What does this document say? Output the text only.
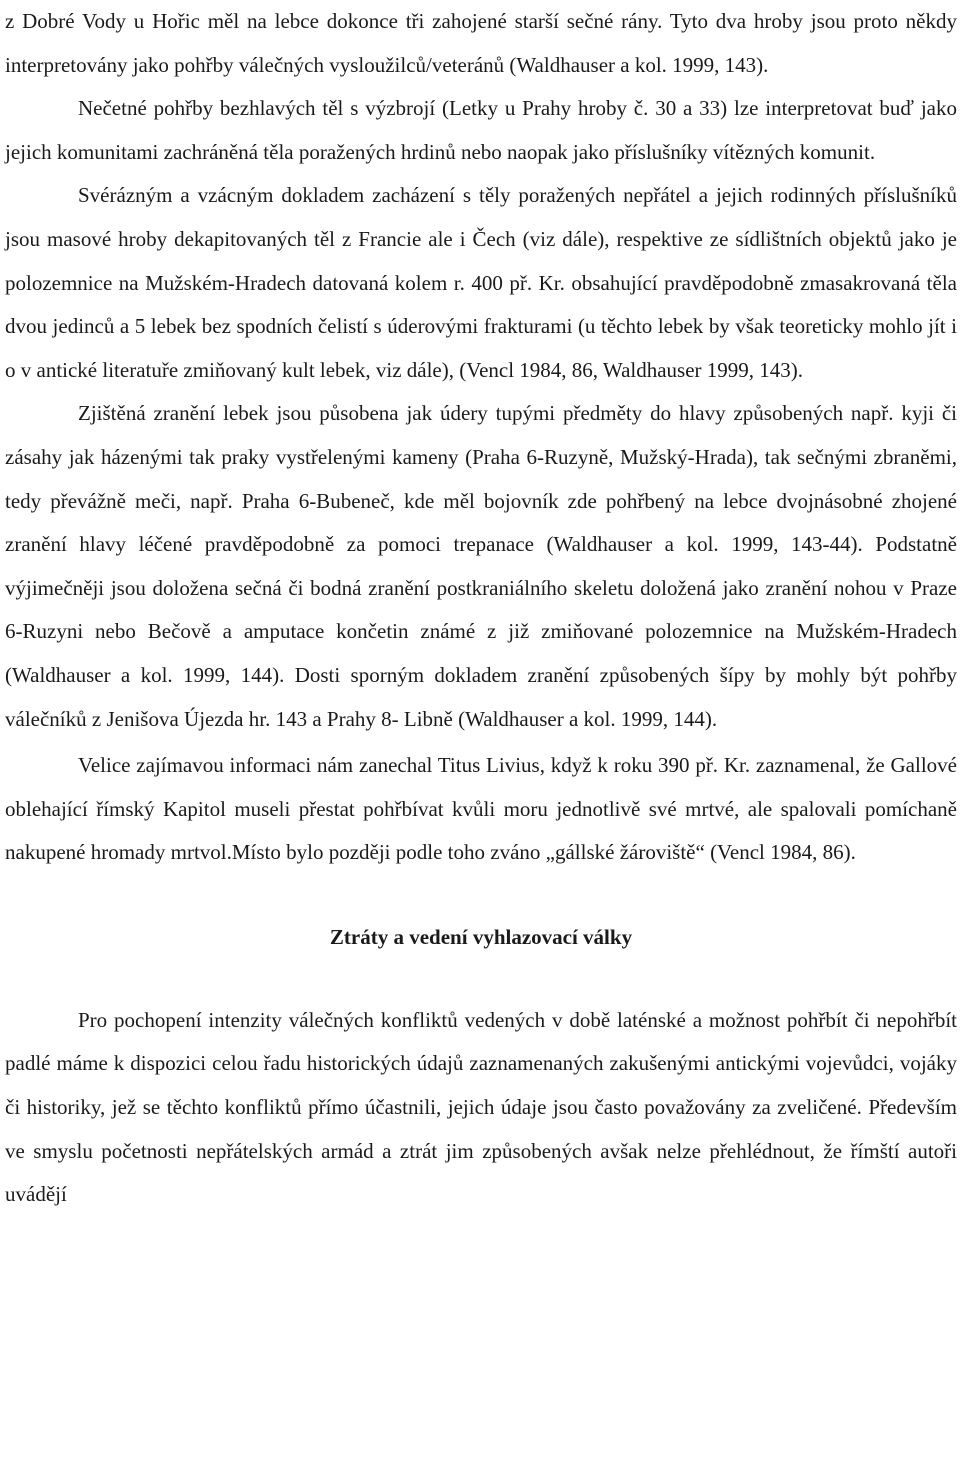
z Dobré Vody u Hořic měl na lebce dokonce tři zahojené starší sečné rány. Tyto dva hroby jsou proto někdy interpretovány jako pohřby válečných vysloužilců/veteránů (Waldhauser a kol. 1999, 143).

Nečetné pohřby bezhlavých těl s výzbrojí (Letky u Prahy hroby č. 30 a 33) lze interpretovat buď jako jejich komunitami zachráněná těla poražených hrdinů nebo naopak jako příslušníky vítězných komunit.

Svérázným a vzácným dokladem zacházení s těly poražených nepřátel a jejich rodinných příslušníků jsou masové hroby dekapitovaných těl z Francie ale i Čech (viz dále), respektive ze sídlištních objektů jako je polozemnice na Mužském-Hradech datovaná kolem r. 400 př. Kr. obsahující pravděpodobně zmasakrovaná těla dvou jedinců a 5 lebek bez spodních čelistí s úderovými frakturami (u těchto lebek by však teoreticky mohlo jít i o v antické literatuře zmiňovaný kult lebek, viz dále), (Vencl 1984, 86, Waldhauser 1999, 143).

Zjištěná zranění lebek jsou působena jak údery tupými předměty do hlavy způsobených např. kyji či zásahy jak házenými tak praky vystřelenými kameny (Praha 6-Ruzyně, Mužský-Hrada), tak sečnými zbraněmi, tedy převážně meči, např. Praha 6-Bubeneč, kde měl bojovník zde pohřbený na lebce dvojnásobné zhojené zranění hlavy léčené pravděpodobně za pomoci trepanace (Waldhauser a kol. 1999, 143-44). Podstatně výjimečněji jsou doložena sečná či bodná zranění postkraniálního skeletu doložená jako zranění nohou v Praze 6-Ruzyni nebo Bečově a amputace končetin známé z již zmiňované polozemnice na Mužském-Hradech (Waldhauser a kol. 1999, 144). Dosti sporným dokladem zranění způsobených šípy by mohly být pohřby válečníků z Jenišova Újezda hr. 143 a Prahy 8- Libně (Waldhauser a kol. 1999, 144).

Velice zajímavou informaci nám zanechal Titus Livius, když k roku 390 př. Kr. zaznamenal, že Gallové oblehající římský Kapitol museli přestat pohřbívat kvůli moru jednotlivě své mrtvé, ale spalovali pomíchaně nakupené hromady mrtvol.Místo bylo později podle toho zváno „gállské žároviště“ (Vencl 1984, 86).

Ztráty a vedení vyhlazovací války

Pro pochopení intenzity válečných konfliktů vedených v době laténské a možnost pohřbít či nepohřbít padlé máme k dispozici celou řadu historických údajů zaznamenaných zakušenými antickými vojevůdci, vojáky či historiky, jež se těchto konfliktů přímo účastnili, jejich údaje jsou často považovány za zveličené. Především ve smyslu početnosti nepřátelských armád a ztrát jim způsobených avšak nelze přehlédnout, že římští autoři uvádějí
